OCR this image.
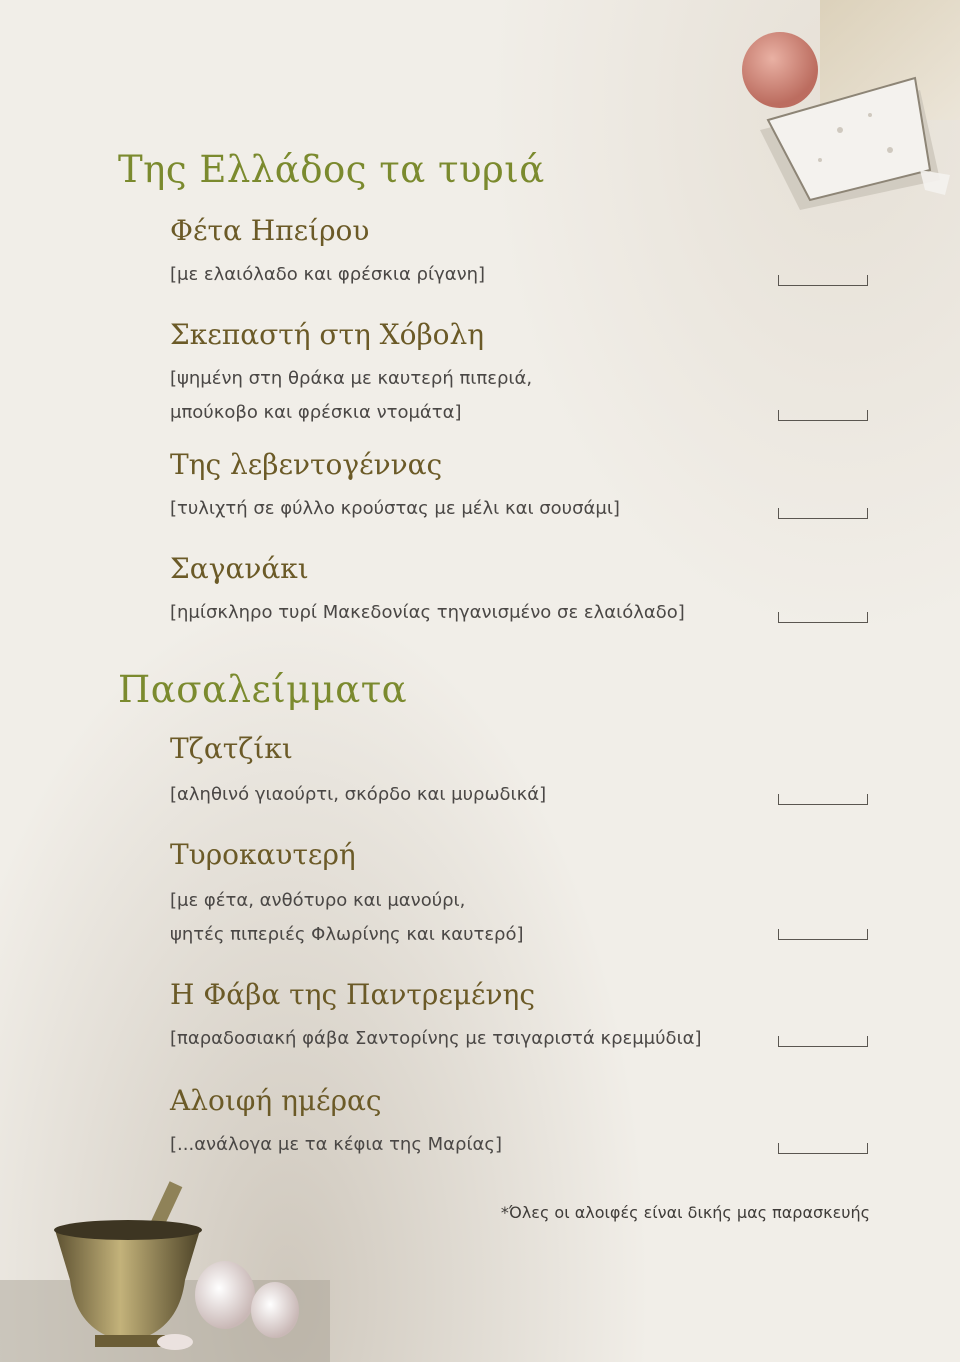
Της Ελλάδος τα τυριά
Φέτα Ηπείρου

[με ελαιόλαδο και φρέσκια ρίγανη]

Σκεπαστή στη Χόβολη

[ψημένη στη θράκα με καυτερή πιπεριά,

μπούκοβο και φρέσκια ντομάτα]

Της λεβεντογέννας

[τυλιχτή σε φύλλο κρούστας με μέλι και σουσάμι]

Σαγανάκι

[ημίσκληρο τυρί Μακεδονίας τηγανισμένο σε ελαιόλαδο]

Πασαλείμματα
Τζατζίκι

[αληθινό γιαούρτι, σκόρδο και μυρωδικά]

Τυροκαυτερή

[με φέτα, ανθότυρο και μανούρι,

ψητές πιπεριές Φλωρίνης και καυτερό]

Η Φάβα της Παντρεμένης

[παραδοσιακή φάβα Σαντορίνης με τσιγαριστά κρεμμύδια]

Αλοιφή ημέρας

[...ανάλογα με τα κέφια της Μαρίας]

*Όλες οι αλοιφές είναι δικής μας παρασκευής
